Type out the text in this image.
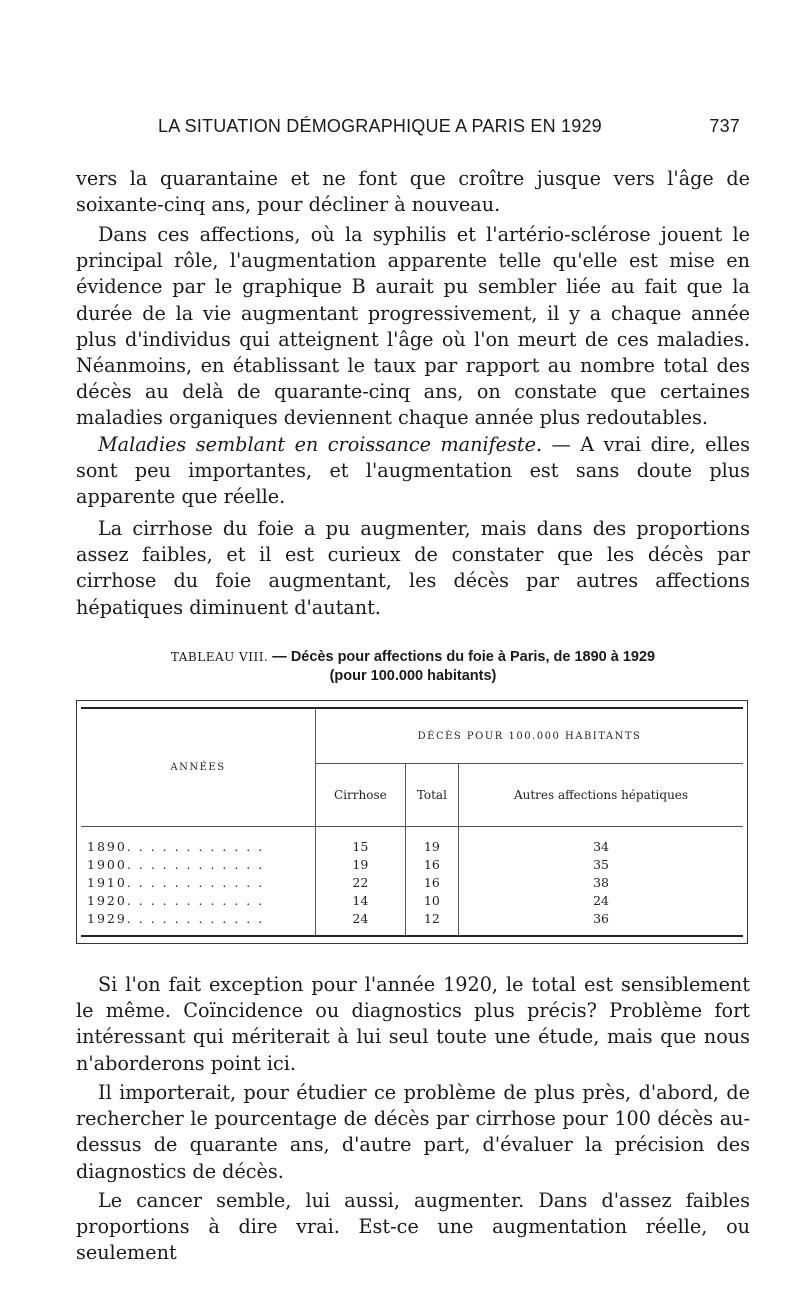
LA SITUATION DÉMOGRAPHIQUE A PARIS EN 1929	737

vers la quarantaine et ne font que croître jusque vers l'âge de soixante-cinq ans, pour décliner à nouveau.

Dans ces affections, où la syphilis et l'artério-sclérose jouent le principal rôle, l'augmentation apparente telle qu'elle est mise en évidence par le graphique B aurait pu sembler liée au fait que la durée de la vie augmentant progressivement, il y a chaque année plus d'individus qui atteignent l'âge où l'on meurt de ces maladies. Néanmoins, en établissant le taux par rapport au nombre total des décès au delà de quarante-cinq ans, on constate que certaines maladies organiques deviennent chaque année plus redoutables.

Maladies semblant en croissance manifeste. — A vrai dire, elles sont peu importantes, et l'augmentation est sans doute plus apparente que réelle.

La cirrhose du foie a pu augmenter, mais dans des proportions assez faibles, et il est curieux de constater que les décès par cirrhose du foie augmentant, les décès par autres affections hépatiques diminuent d'autant.

TABLEAU VIII. — Décès pour affections du foie à Paris, de 1890 à 1929
(pour 100.000 habitants)
ANNÉES	DÉCÈS POUR 100.000 HABITANTS		
	Cirrhose	Total	Autres affections hépatiques
1890. . . . . . . . . . . .	15	19	34
1900. . . . . . . . . . . .	19	16	35
1910. . . . . . . . . . . .	22	16	38
1920. . . . . . . . . . . .	14	10	24
1929. . . . . . . . . . . .	24	12	36

Si l'on fait exception pour l'année 1920, le total est sensiblement le même. Coïncidence ou diagnostics plus précis? Problème fort intéressant qui mériterait à lui seul toute une étude, mais que nous n'aborderons point ici.

Il importerait, pour étudier ce problème de plus près, d'abord, de rechercher le pourcentage de décès par cirrhose pour 100 décès au-dessus de quarante ans, d'autre part, d'évaluer la précision des diagnostics de décès.

Le cancer semble, lui aussi, augmenter. Dans d'assez faibles proportions à dire vrai. Est-ce une augmentation réelle, ou seulement
